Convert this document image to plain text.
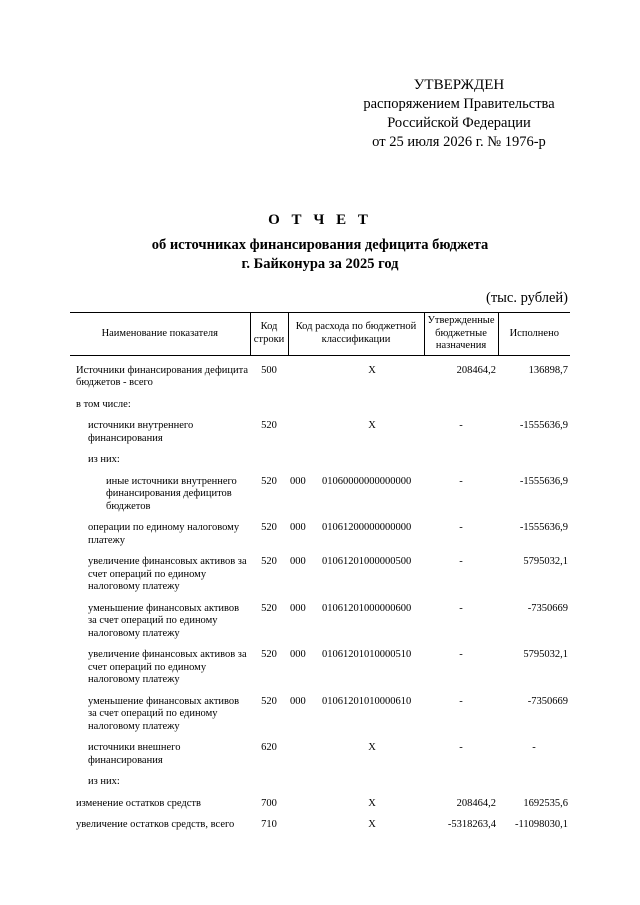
УТВЕРЖДЕН
распоряжением Правительства
Российской Федерации
от 25 июля 2026 г. № 1976-р
О Т Ч Е Т
об источниках финансирования дефицита бюджета
г. Байконура за 2025 год
(тыс. рублей)
Наименование показателя	Код строки	Код расхода по бюджетной классификации		Утвержденные бюджетные назначения	Исполнено

Источники финансирования дефицита бюджетов - всего	500		X	208464,2	136898,7

в том числе:					

источники внутреннего финансирования	520		X	-	-1555636,9

из них:					

иные источники внутреннего финансирования дефицитов бюджетов	520	000	01060000000000000	-	-1555636,9

операции по единому налоговому платежу	520	000	01061200000000000	-	-1555636,9

увеличение финансовых активов за счет операций по единому налоговому платежу	520	000	01061201000000500	-	5795032,1

уменьшение финансовых активов за счет операций по единому налоговому платежу	520	000	01061201000000600	-	-7350669

увеличение финансовых активов за счет операций по единому налоговому платежу	520	000	01061201010000510	-	5795032,1

уменьшение финансовых активов за счет операций по единому налоговому платежу	520	000	01061201010000610	-	-7350669

источники внешнего финансирования	620		X	-	-

из них:					

изменение остатков средств	700		X	208464,2	1692535,6

увеличение остатков средств, всего	710		X	-5318263,4	-11098030,1
